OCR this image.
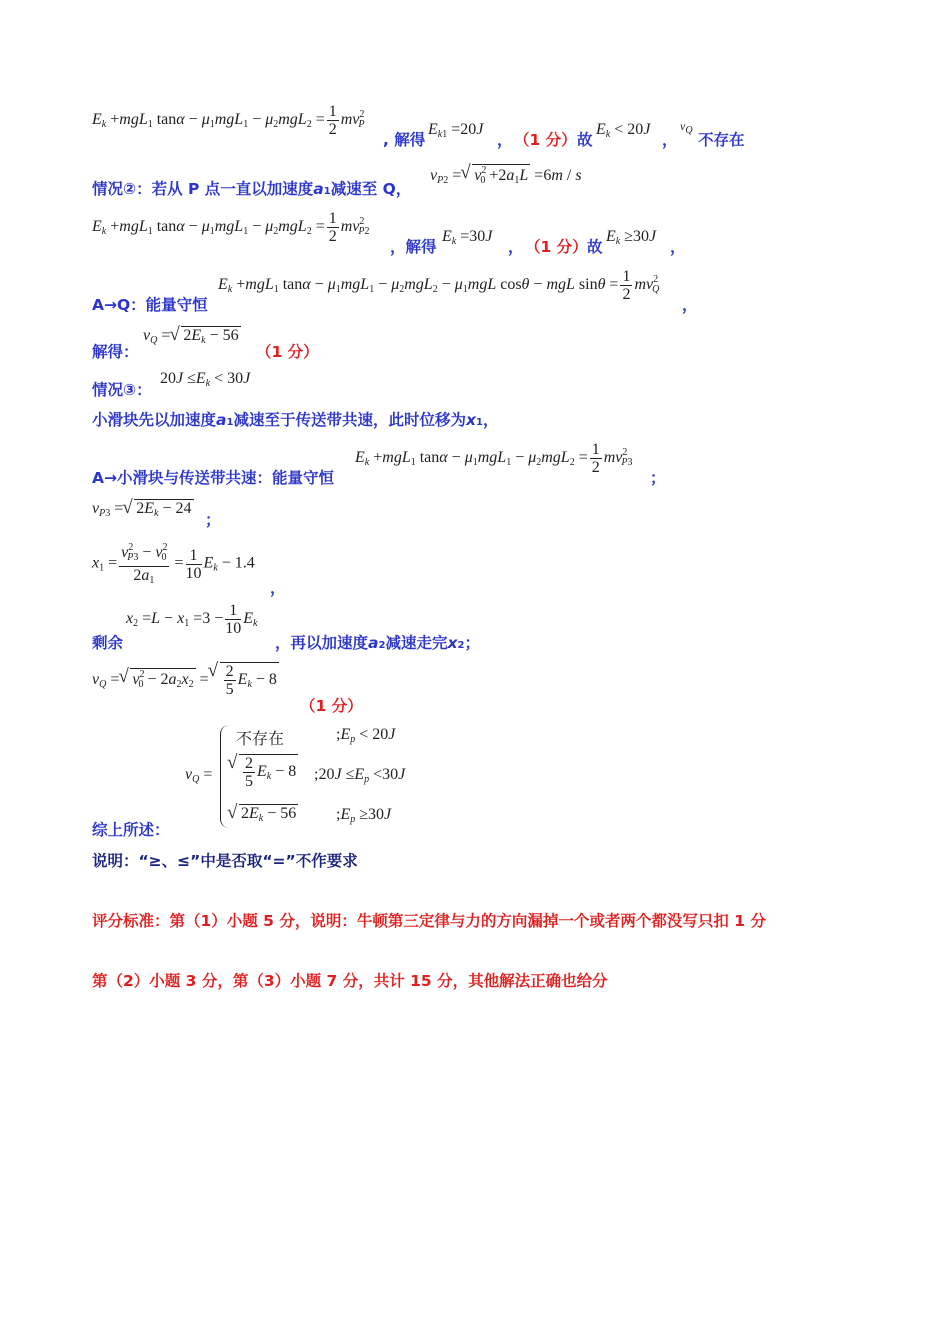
$E_k +mgL_1$ $\tan\alpha - \mu_1mgL_1 - \mu_2mgL_2 = \frac{1}{2} mv^2_P$
, 解得
$E_{k1} =20J$
， （1 分） 故
$E_k < 20J$
，
$v_Q$
不存在
情况②：若从 P 点一直以加速度a1减速至 Q，
$v_{P2}$ = √ $v^2_0 +2a_1L =6m / s$
$E_k +mgL_1$ $\tan\alpha - \mu_1mgL_1 - \mu_2mgL_2 = \frac{1}{2} mv^2_{P2}$
，解得
$E_k =30J$
， （1 分） 故
$E_k \ge 30J$
，
$E_k +mgL_1$ $\tan\alpha - \mu_1mgL_1 - \mu_2mgL_2 - \mu_1mgL$ cosθ − mgL $\sin\theta = \frac{1}{2} mv^2_Q$
A→Q：能量守恒	，
解得：
$v_Q$ = √ $2E_k - 56$
（1 分）
情况③：
$20J \le E_k < 30J$
小滑块先以加速度a1减速至于传送带共速，此时位移为x1，
$E_k +mgL_1$ $\tan\alpha - \mu_1mgL_1 - \mu_2mgL_2 = \frac{1}{2} mv^2_{P3}$
A→小滑块与传送带共速：能量守恒	；
$v_{P3}$ = √ $2E_k - 24$
；
$x_1 = \frac{v^2_{P3} - v^2_0}{2a_1} = \frac{1}{10} E_k - 1.4$
，
剩余
$x_2 =L - x_1 =3 - \frac{1}{10} E_k$
，再以加速度a2减速走完x2；
$v_Q$ = √ $v^2_0 - 2a_2x_2$ = √ $\frac{2}{5} E_k - 8$
（1 分）
$v_Q$ =
不存在	$;E_p < 20J$
√ $\frac{2}{5} E_k - 8$ ;20J $\le E_p <30J$
√ $2E_k - 56$ $;E_p \ge 30J$
综上所述：
说明：“≥、≤”中是否取“=”不作要求
评分标准：第（1）小题 5 分，说明：牛顿第三定律与力的方向漏掉一个或者两个都没写只扣 1 分
第（2）小题 3 分，第（3）小题 7 分，共计 15 分，其他解法正确也给分
